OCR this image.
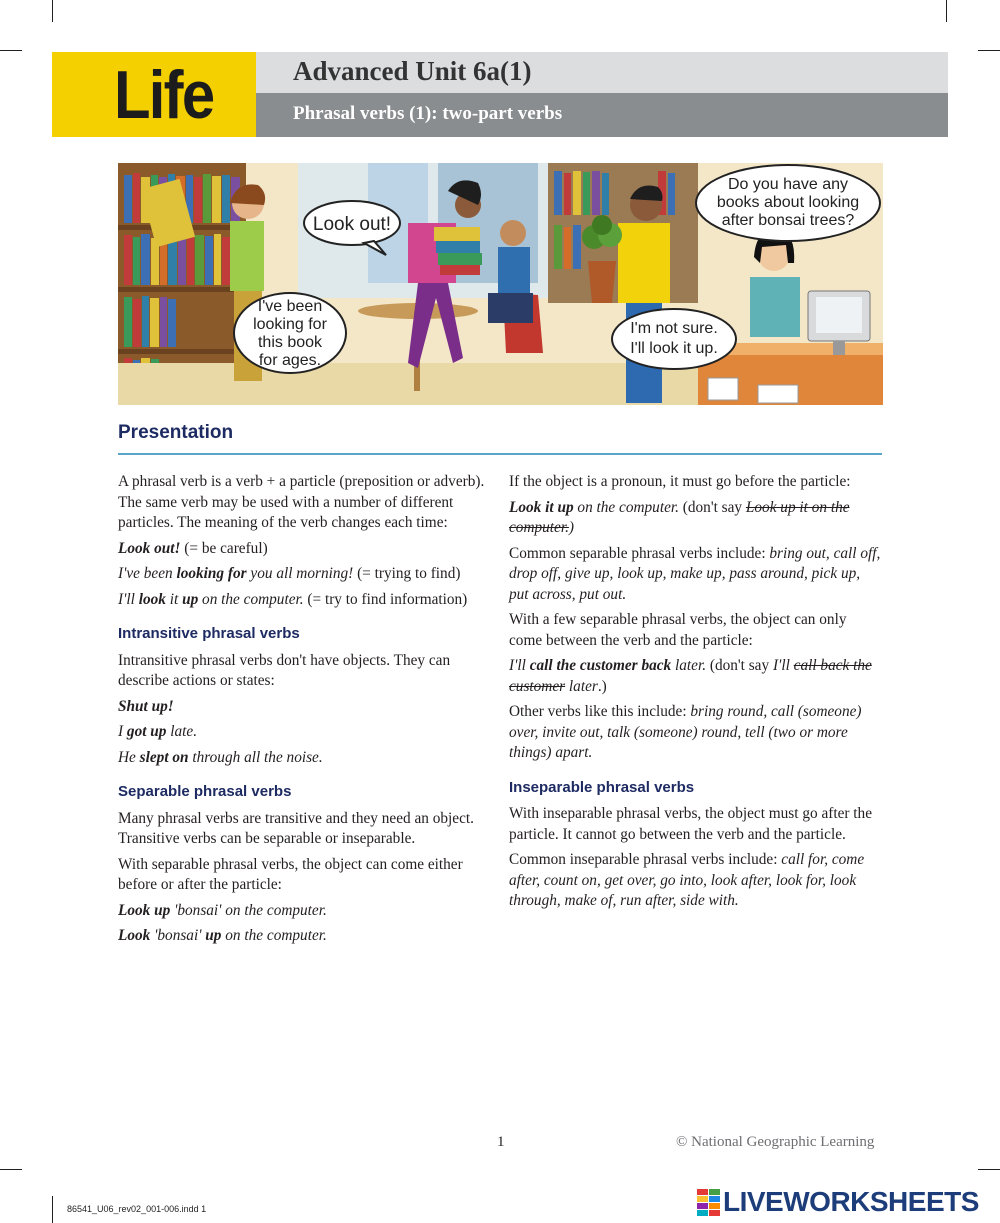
Life	Advanced Unit 6a(1)
Phrasal verbs (1): two-part verbs
Look out!
I've been
looking for
this book
for ages.
Do you have any
books about looking
after bonsai trees?
I'm not sure.
I'll look it up.
Presentation

A phrasal verb is a verb + a particle (preposition or adverb). The same verb may be used with a number of different particles. The meaning of the verb changes each time:

Look out! (= be careful)

I've been looking for you all morning! (= trying to find)

I'll look it up on the computer. (= try to find information)

Intransitive phrasal verbs

Intransitive phrasal verbs don't have objects. They can describe actions or states:

Shut up!

I got up late.

He slept on through all the noise.

Separable phrasal verbs

Many phrasal verbs are transitive and they need an object. Transitive verbs can be separable or inseparable.

With separable phrasal verbs, the object can come either before or after the particle:

Look up 'bonsai' on the computer.

Look 'bonsai' up on the computer.

If the object is a pronoun, it must go before the particle:

Look it up on the computer. (don't say Look up it on the computer.)

Common separable phrasal verbs include: bring out, call off, drop off, give up, look up, make up, pass around, pick up, put across, put out.

With a few separable phrasal verbs, the object can only come between the verb and the particle:

I'll call the customer back later. (don't say I'll call back the customer later.)

Other verbs like this include: bring round, call (someone) over, invite out, talk (someone) round, tell (two or more things) apart.

Inseparable phrasal verbs

With inseparable phrasal verbs, the object must go after the particle. It cannot go between the verb and the particle.

Common inseparable phrasal verbs include: call for, come after, count on, get over, go into, look after, look for, look through, make of, run after, side with.

1	© National Geographic Learning
86541_U06_rev02_001-006.indd 1	LIVEWORKSHEETS
